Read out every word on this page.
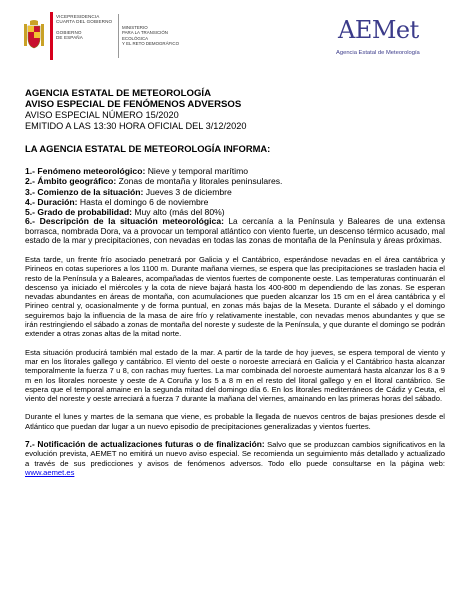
VICEPRESIDENCIA
CUARTA DEL GOBIERNO
GOBIERNO
DE ESPAÑA
MINISTERIO
PARA LA TRANSICIÓN ECOLÓGICA
Y EL RETO DEMOGRÁFICO	AEMet
Agencia Estatal de Meteorología
AGENCIA ESTATAL DE METEOROLOGÍA
AVISO ESPECIAL DE FENÓMENOS ADVERSOS
AVISO ESPECIAL NÚMERO 15/2020
EMITIDO A LAS 13:30 HORA OFICIAL DEL 3/12/2020
LA AGENCIA ESTATAL DE METEOROLOGÍA INFORMA:
1.- Fenómeno meteorológico: Nieve y temporal marítimo
2.- Ámbito geográfico: Zonas de montaña y litorales peninsulares.
3.- Comienzo de la situación: Jueves 3 de diciembre
4.- Duración: Hasta el domingo 6 de noviembre
5.- Grado de probabilidad: Muy alto (más del 80%)
6.- Descripción de la situación meteorológica: La cercanía a la Península y Baleares de una extensa borrasca, nombrada Dora, va a provocar un temporal atlántico con viento fuerte, un descenso térmico acusado, mal estado de la mar y precipitaciones, con nevadas en todas las zonas de montaña de la Península y áreas próximas.

Esta tarde, un frente frío asociado penetrará por Galicia y el Cantábrico, esperándose nevadas en el área cantábrica y Pirineos en cotas superiores a los 1100 m. Durante mañana viernes, se espera que las precipitaciones se trasladen hacia el resto de la Península y a Baleares, acompañadas de vientos fuertes de componente oeste. Las temperaturas continuarán el descenso ya iniciado el miércoles y la cota de nieve bajará hasta los 400-800 m dependiendo de las zonas. Se esperan nevadas abundantes en áreas de montaña, con acumulaciones que pueden alcanzar los 15 cm en el área cantábrica y el Pirineo central y, ocasionalmente y de forma puntual, en zonas más bajas de la Meseta. Durante el sábado y el domingo seguiremos bajo la influencia de la masa de aire frío y relativamente inestable, con nevadas menos abundantes y que se irán restringiendo el sábado a zonas de montaña del noreste y sudeste de la Península, y que durante el domingo se podrán extender a otras zonas altas de la mitad norte.

Esta situación producirá también mal estado de la mar. A partir de la tarde de hoy jueves, se espera temporal de viento y mar en los litorales gallego y cantábrico. El viento del oeste o noroeste arreciará en Galicia y el Cantábrico hasta alcanzar temporalmente la fuerza 7 u 8, con rachas muy fuertes. La mar combinada del noroeste aumentará hasta alcanzar los 8 a 9 m en los litorales noroeste y oeste de A Coruña y los 5 a 8 m en el resto del litoral gallego y en el litoral cantábrico. Se espera que el temporal amaine en la segunda mitad del domingo día 6. En los litorales mediterráneos de Cádiz y Ceuta, el viento del noreste y oeste arreciará a fuerza 7 durante la mañana del viernes, amainando en las primeras horas del sábado.

Durante el lunes y martes de la semana que viene, es probable la llegada de nuevos centros de bajas presiones desde el Atlántico que puedan dar lugar a un nuevo episodio de precipitaciones generalizadas y vientos fuertes.

7.- Notificación de actualizaciones futuras o de finalización: Salvo que se produzcan cambios significativos en la evolución prevista, AEMET no emitirá un nuevo aviso especial. Se recomienda un seguimiento más detallado y actualizado a través de sus predicciones y avisos de fenómenos adversos. Todo ello puede consultarse en la página web: www.aemet.es
